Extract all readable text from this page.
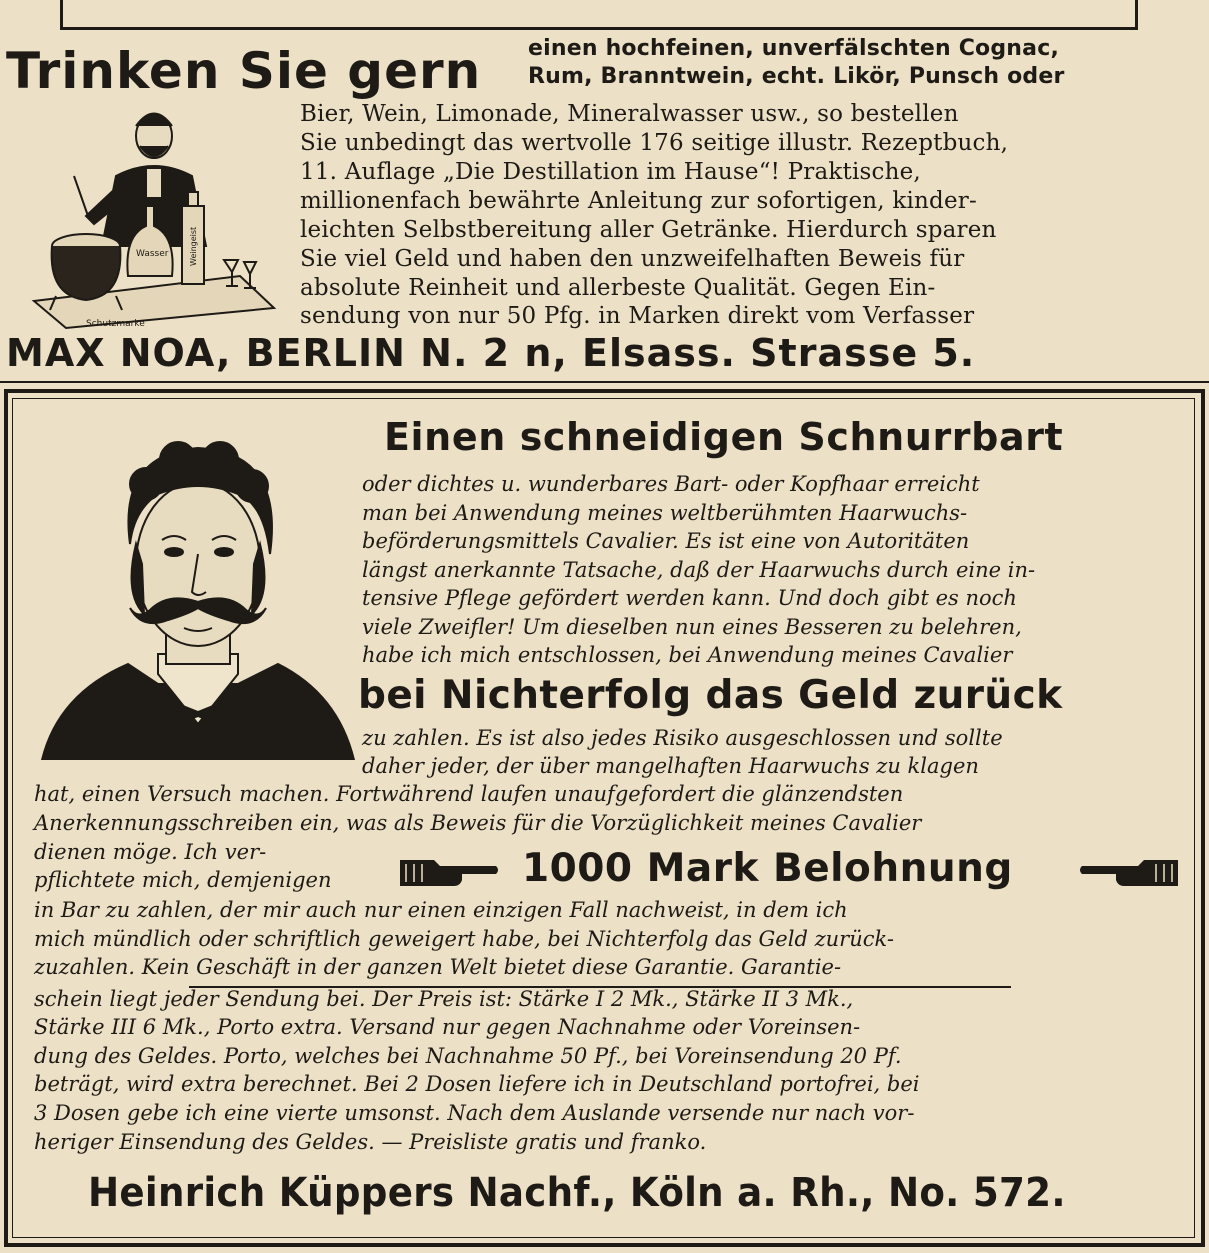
Trinken Sie gern
Wasser	Weingeist
Schutzmarke
einen hochfeinen, unverfälschten Cognac,
Rum, Branntwein, echt. Likör, Punsch oder
Bier, Wein, Limonade, Mineralwasser usw., so bestellen
Sie unbedingt das wertvolle 176 seitige illustr. Rezeptbuch,
11. Auflage „Die Destillation im Hause“! Praktische,
millionenfach bewährte Anleitung zur sofortigen, kinder-
leichten Selbstbereitung aller Getränke. Hierdurch sparen
Sie viel Geld und haben den unzweifelhaften Beweis für
absolute Reinheit und allerbeste Qualität. Gegen Ein-
sendung von nur 50 Pfg. in Marken direkt vom Verfasser
MAX NOA, BERLIN N. 2 n, Elsass. Strasse 5.
Einen schneidigen Schnurrbart
oder dichtes u. wunderbares Bart- oder Kopfhaar erreicht
man bei Anwendung meines weltberühmten Haarwuchs-
beförderungsmittels Cavalier. Es ist eine von Autoritäten
längst anerkannte Tatsache, daß der Haarwuchs durch eine in-
tensive Pflege gefördert werden kann. Und doch gibt es noch
viele Zweifler! Um dieselben nun eines Besseren zu belehren,
habe ich mich entschlossen, bei Anwendung meines Cavalier
bei Nichterfolg das Geld zurück
zu zahlen. Es ist also jedes Risiko ausgeschlossen und sollte
daher jeder, der über mangelhaften Haarwuchs zu klagen
hat, einen Versuch machen. Fortwährend laufen unaufgefordert die glänzendsten
Anerkennungsschreiben ein, was als Beweis für die Vorzüglichkeit meines Cavalier
dienen möge. Ich ver-
pflichtete mich, demjenigen	1000 Mark Belohnung
in Bar zu zahlen, der mir auch nur einen einzigen Fall nachweist, in dem ich
mich mündlich oder schriftlich geweigert habe, bei Nichterfolg das Geld zurück-
zuzahlen. Kein Geschäft in der ganzen Welt bietet diese Garantie. Garantie-
schein liegt jeder Sendung bei. Der Preis ist: Stärke I 2 Mk., Stärke II 3 Mk.,
Stärke III 6 Mk., Porto extra. Versand nur gegen Nachnahme oder Voreinsen-
dung des Geldes. Porto, welches bei Nachnahme 50 Pf., bei Voreinsendung 20 Pf.
beträgt, wird extra berechnet. Bei 2 Dosen liefere ich in Deutschland portofrei, bei
3 Dosen gebe ich eine vierte umsonst. Nach dem Auslande versende nur nach vor-
heriger Einsendung des Geldes. — Preisliste gratis und franko.
Heinrich Küppers Nachf., Köln a. Rh., No. 572.
